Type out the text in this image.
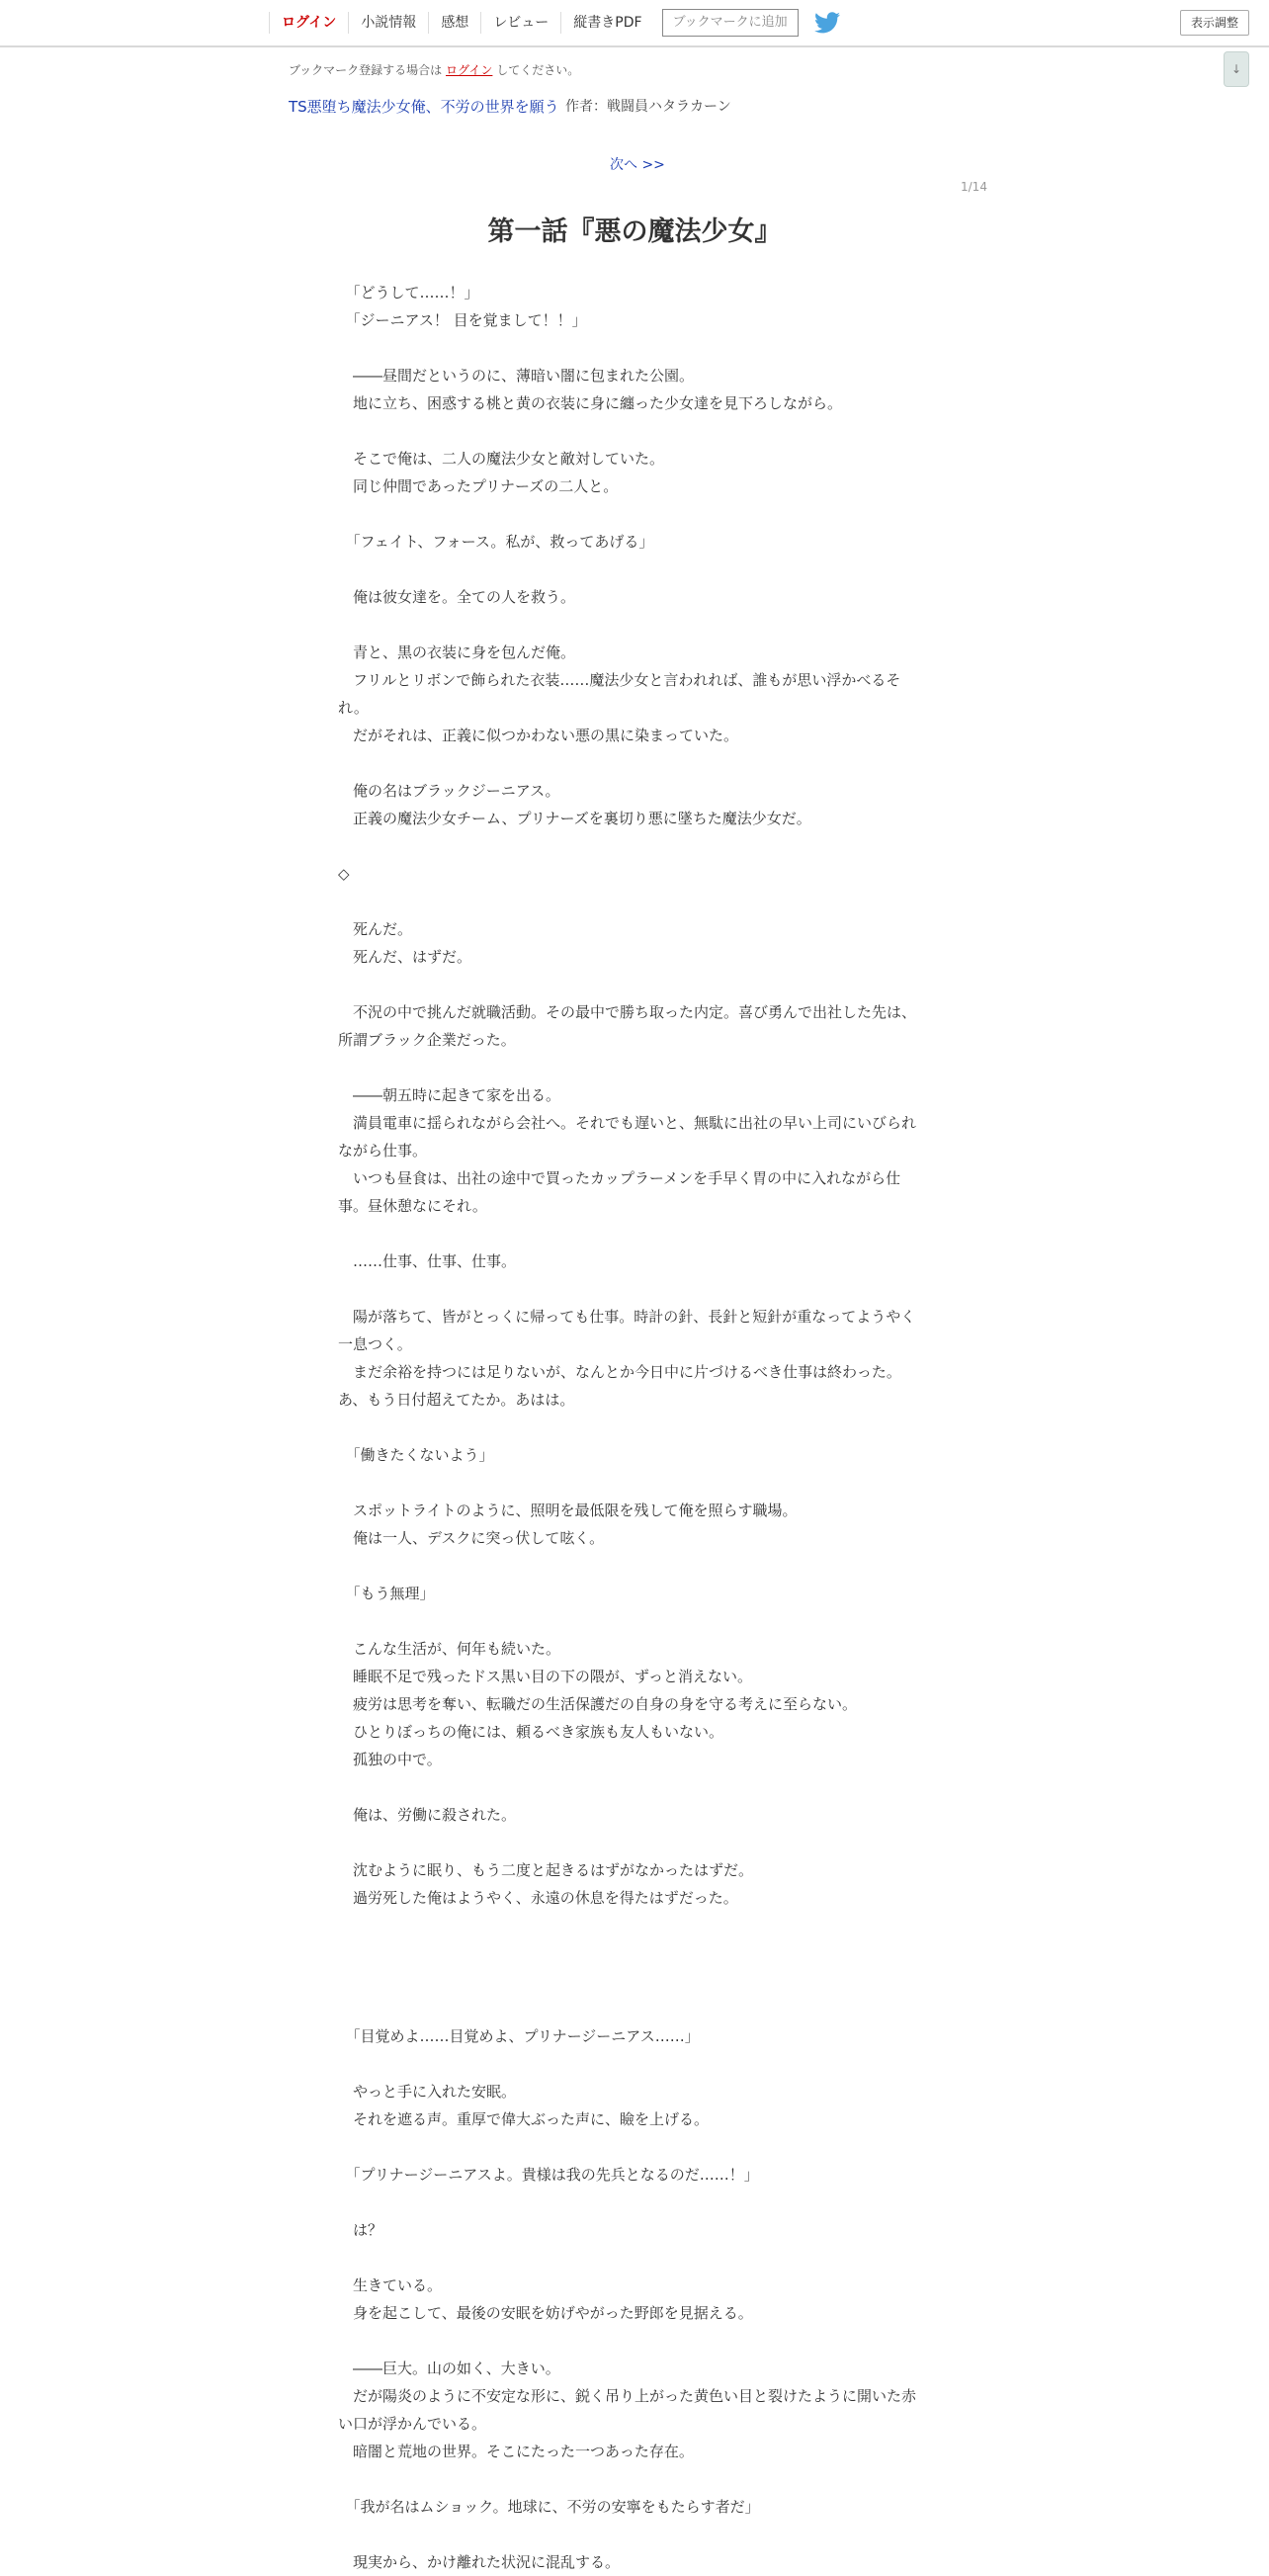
ログイン	小説情報	感想	レビュー	縦書きPDF	ブックマークに追加	表示調整
↓
ブックマーク登録する場合は ログイン してください。
TS悪堕ち魔法少女俺、不労の世界を願う 作者：戦闘員ハタラカーン
次へ >>
1/14
第一話『悪の魔法少女』

　「どうして……！」

　「ジーニアス！ 目を覚まして！！」

　――昼間だというのに、薄暗い闇に包まれた公園。

　地に立ち、困惑する桃と黄の衣装に身に纏った少女達を見下ろしながら。

　そこで俺は、二人の魔法少女と敵対していた。

　同じ仲間であったプリナーズの二人と。

　「フェイト、フォース。私が、救ってあげる」

　俺は彼女達を。全ての人を救う。

　青と、黒の衣装に身を包んだ俺。

　フリルとリボンで飾られた衣装……魔法少女と言われれば、誰もが思い浮かべるそれ。

　だがそれは、正義に似つかわない悪の黒に染まっていた。

　俺の名はブラックジーニアス。

　正義の魔法少女チーム、プリナーズを裏切り悪に墜ちた魔法少女だ。

◇

　死んだ。

　死んだ、はずだ。

　不況の中で挑んだ就職活動。その最中で勝ち取った内定。喜び勇んで出社した先は、所謂ブラック企業だった。

　――朝五時に起きて家を出る。

　満員電車に揺られながら会社へ。それでも遅いと、無駄に出社の早い上司にいびられながら仕事。

　いつも昼食は、出社の途中で買ったカップラーメンを手早く胃の中に入れながら仕事。昼休憩なにそれ。

　……仕事、仕事、仕事。

　陽が落ちて、皆がとっくに帰っても仕事。時計の針、長針と短針が重なってようやく一息つく。

　まだ余裕を持つには足りないが、なんとか今日中に片づけるべき仕事は終わった。あ、もう日付超えてたか。あはは。

　「働きたくないよう」

　スポットライトのように、照明を最低限を残して俺を照らす職場。

　俺は一人、デスクに突っ伏して呟く。

　「もう無理」

　こんな生活が、何年も続いた。

　睡眠不足で残ったドス黒い目の下の隈が、ずっと消えない。

　疲労は思考を奪い、転職だの生活保護だの自身の身を守る考えに至らない。

　ひとりぼっちの俺には、頼るべき家族も友人もいない。

　孤独の中で。

　俺は、労働に殺された。

　沈むように眠り、もう二度と起きるはずがなかったはずだ。

　過労死した俺はようやく、永遠の休息を得たはずだった。

　「目覚めよ……目覚めよ、プリナージーニアス……」

　やっと手に入れた安眠。

　それを遮る声。重厚で偉大ぶった声に、瞼を上げる。

　「プリナージーニアスよ。貴様は我の先兵となるのだ……！」

　は？

　生きている。

　身を起こして、最後の安眠を妨げやがった野郎を見据える。

　――巨大。山の如く、大きい。

　だが陽炎のように不安定な形に、鋭く吊り上がった黄色い目と裂けたように開いた赤い口が浮かんでいる。

　暗闇と荒地の世界。そこにたった一つあった存在。

　「我が名はムショック。地球に、不労の安寧をもたらす者だ」

　現実から、かけ離れた状況に混乱する。
